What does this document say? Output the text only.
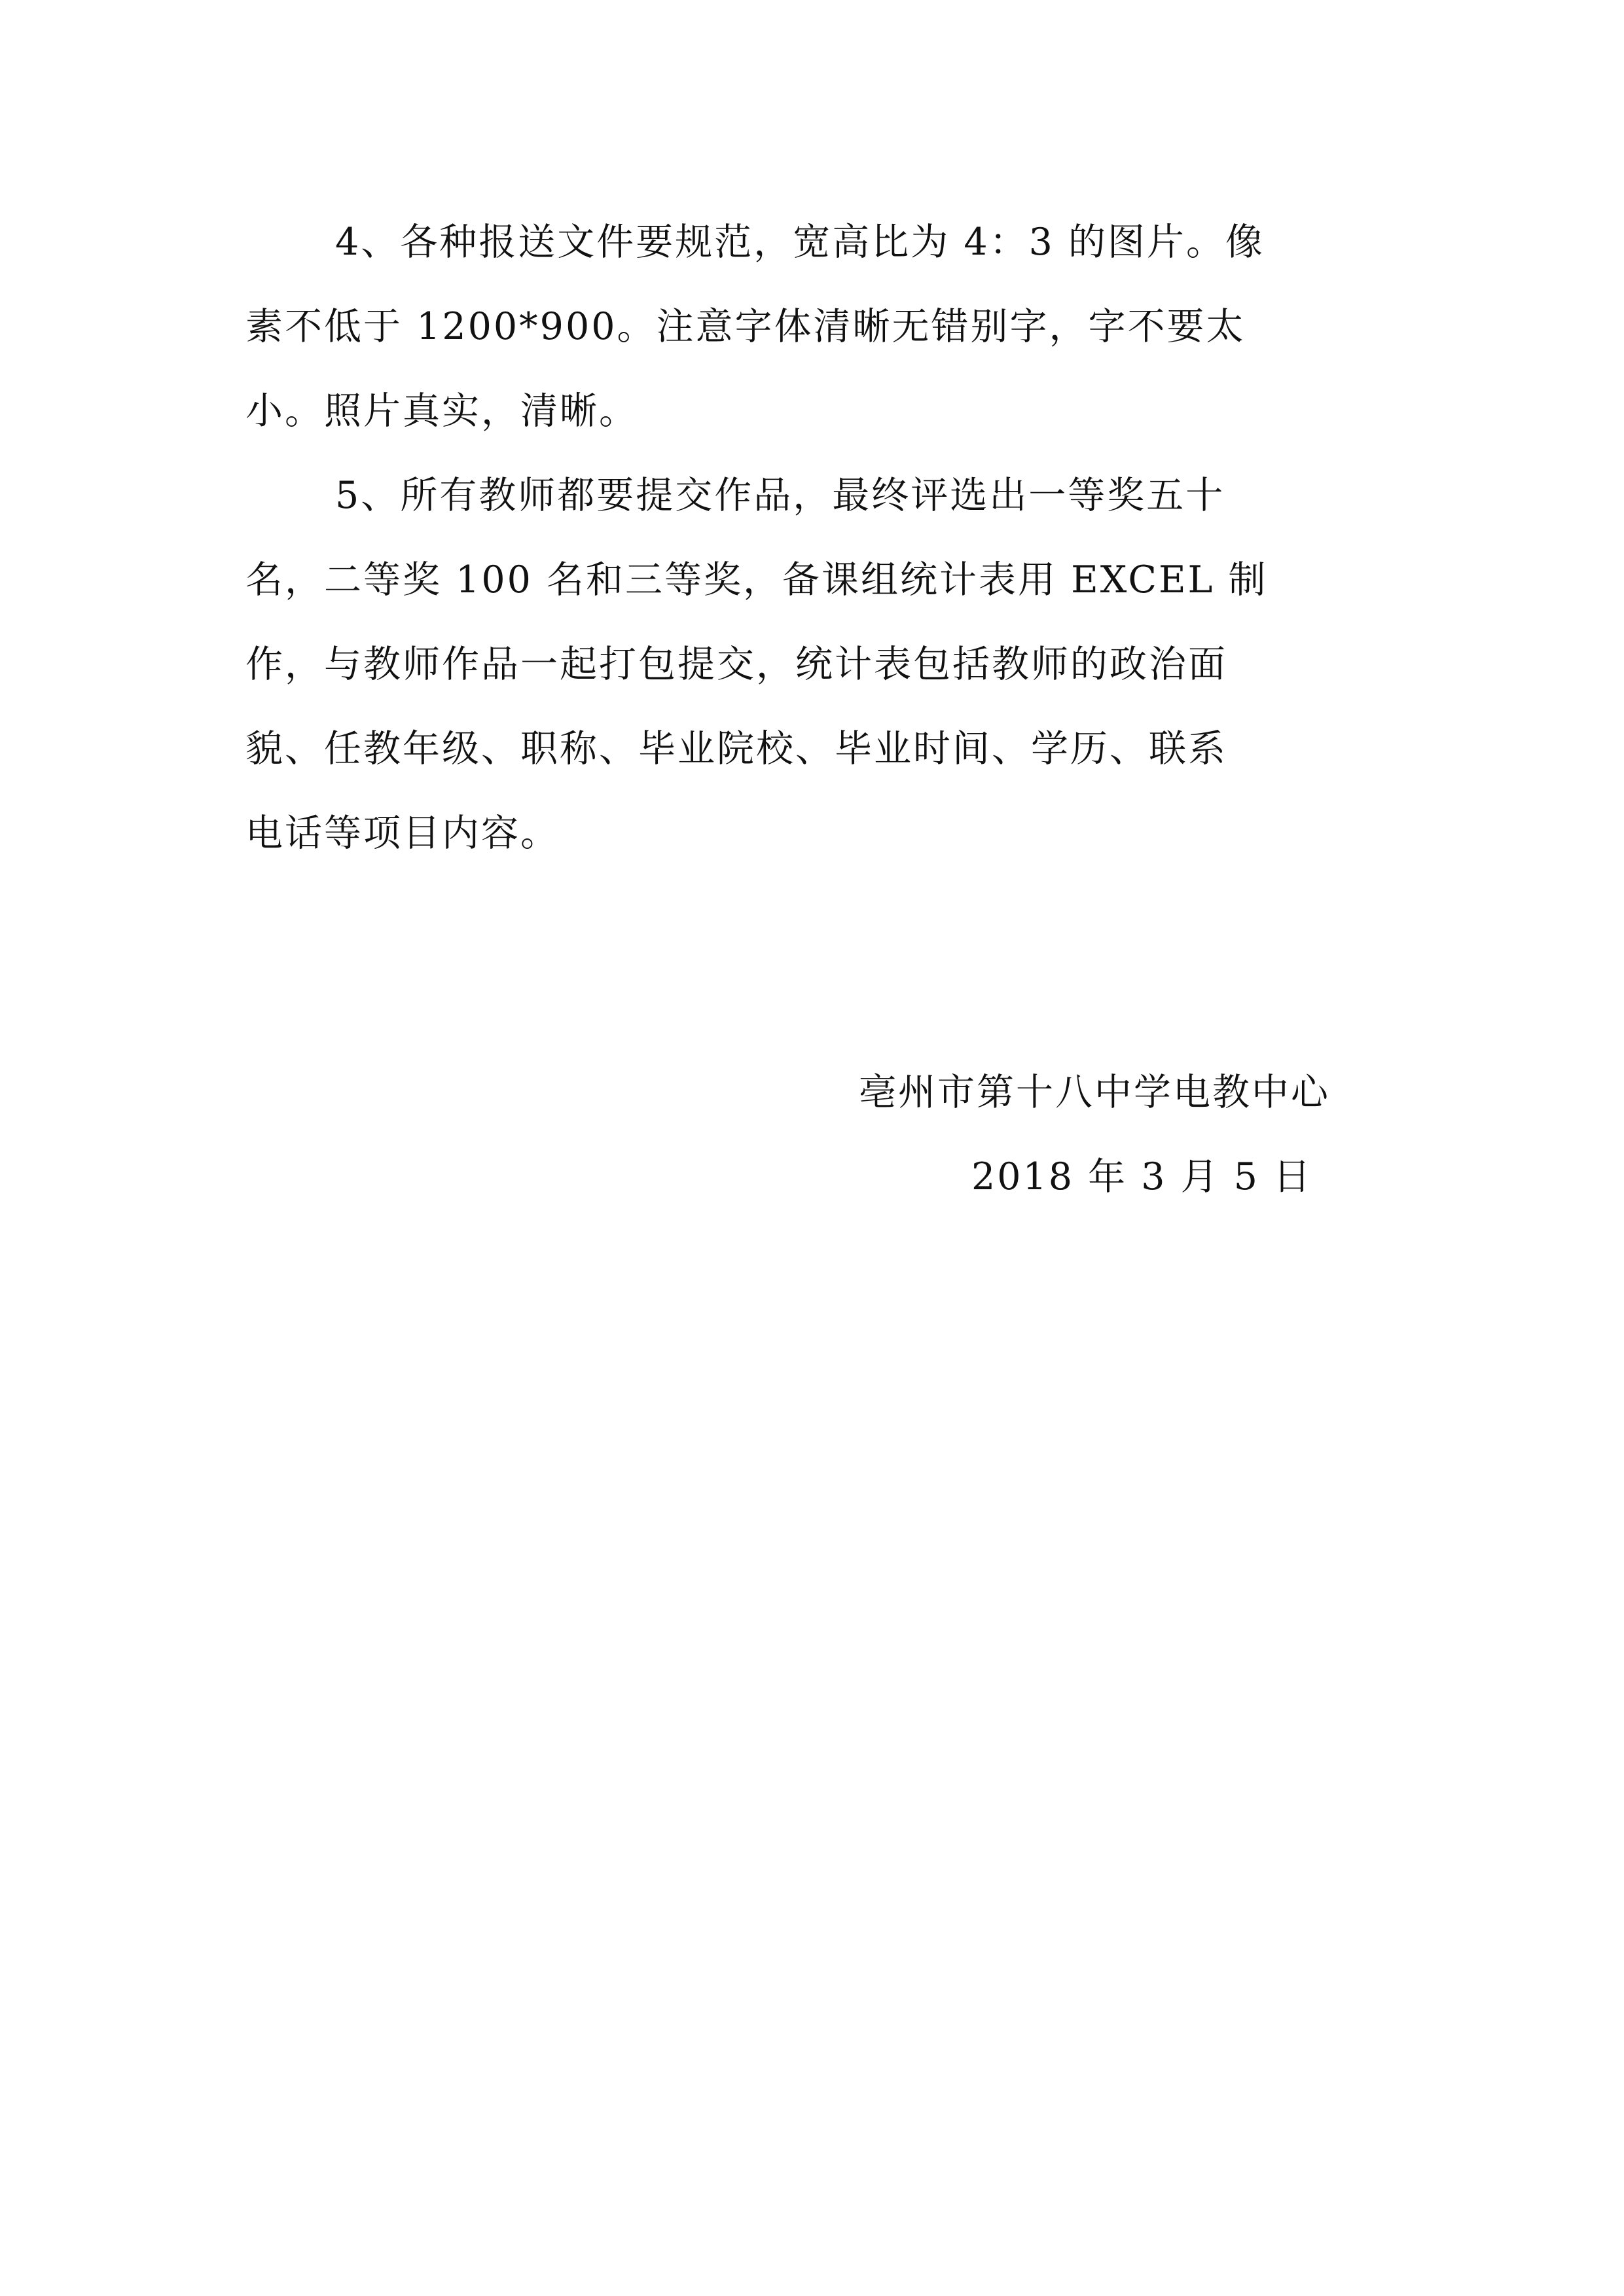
4、各种报送文件要规范，宽高比为 4：3 的图片。像
素不低于 1200*900。注意字体清晰无错别字，字不要太
小。照片真实，清晰。
5、所有教师都要提交作品，最终评选出一等奖五十
名，二等奖 100 名和三等奖，备课组统计表用 EXCEL 制
作，与教师作品一起打包提交，统计表包括教师的政治面
貌、任教年级、职称、毕业院校、毕业时间、学历、联系
电话等项目内容。
亳州市第十八中学电教中心
2018 年 3 月 5 日
